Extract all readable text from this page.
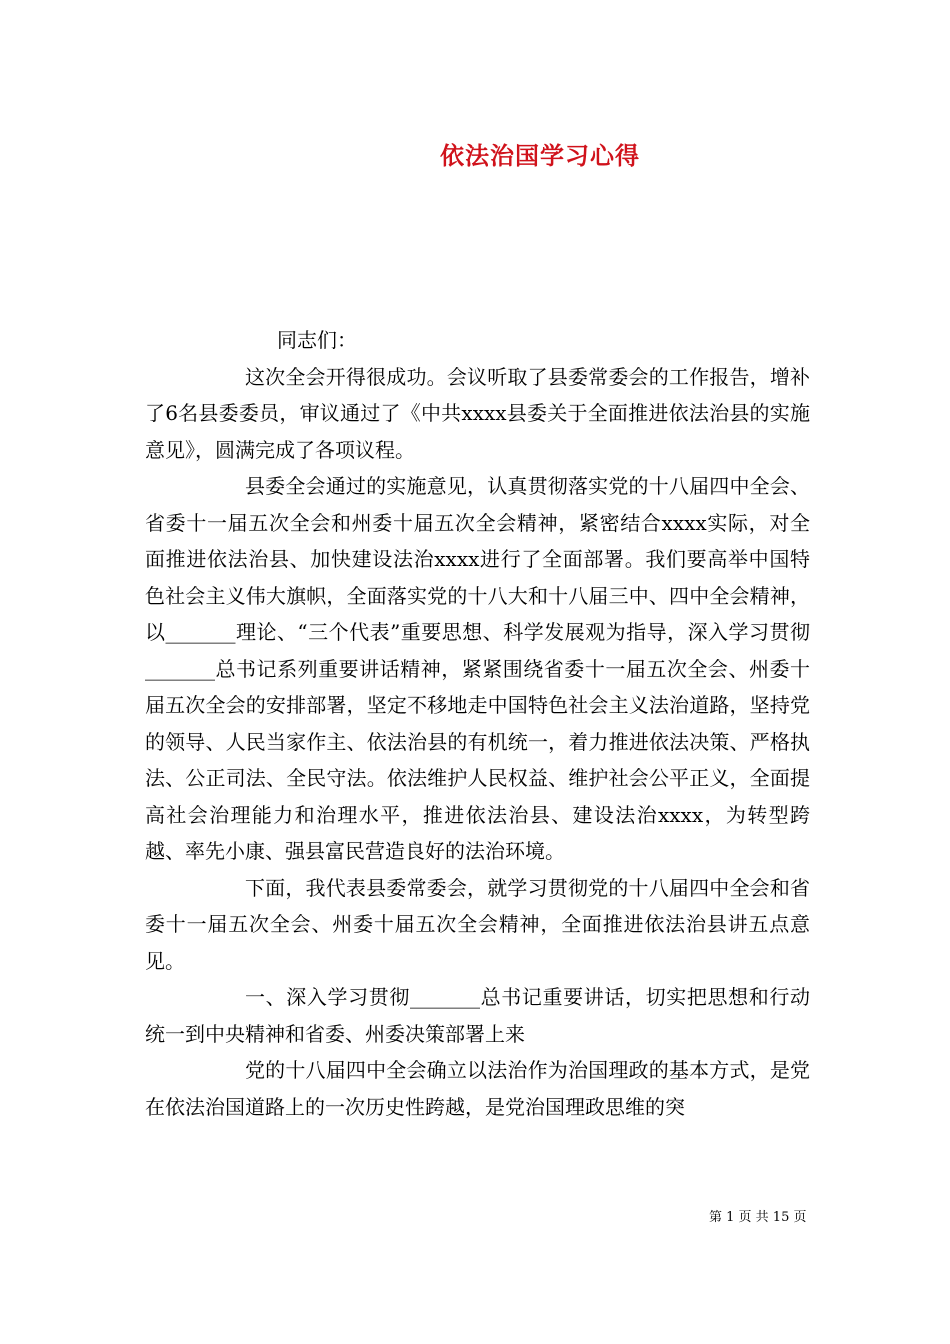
依法治国学习心得

同志们：

这次全会开得很成功。会议听取了县委常委会的工作报告，增补了6名县委委员，审议通过了《中共xxxx县委关于全面推进依法治县的实施意见》，圆满完成了各项议程。

县委全会通过的实施意见，认真贯彻落实党的十八届四中全会、省委十一届五次全会和州委十届五次全会精神，紧密结合xxxx实际，对全面推进依法治县、加快建设法治xxxx进行了全面部署。我们要高举中国特色社会主义伟大旗帜，全面落实党的十八大和十八届三中、四中全会精神，以_______理论、“三个代表”重要思想、科学发展观为指导，深入学习贯彻_______总书记系列重要讲话精神，紧紧围绕省委十一届五次全会、州委十届五次全会的安排部署，坚定不移地走中国特色社会主义法治道路，坚持党的领导、人民当家作主、依法治县的有机统一，着力推进依法决策、严格执法、公正司法、全民守法。依法维护人民权益、维护社会公平正义，全面提高社会治理能力和治理水平，推进依法治县、建设法治xxxx，为转型跨越、率先小康、强县富民营造良好的法治环境。

下面，我代表县委常委会，就学习贯彻党的十八届四中全会和省委十一届五次全会、州委十届五次全会精神，全面推进依法治县讲五点意见。

一、深入学习贯彻_______总书记重要讲话，切实把思想和行动统一到中央精神和省委、州委决策部署上来

党的十八届四中全会确立以法治作为治国理政的基本方式，是党在依法治国道路上的一次历史性跨越，是党治国理政思维的突

第 1 页 共 15 页
